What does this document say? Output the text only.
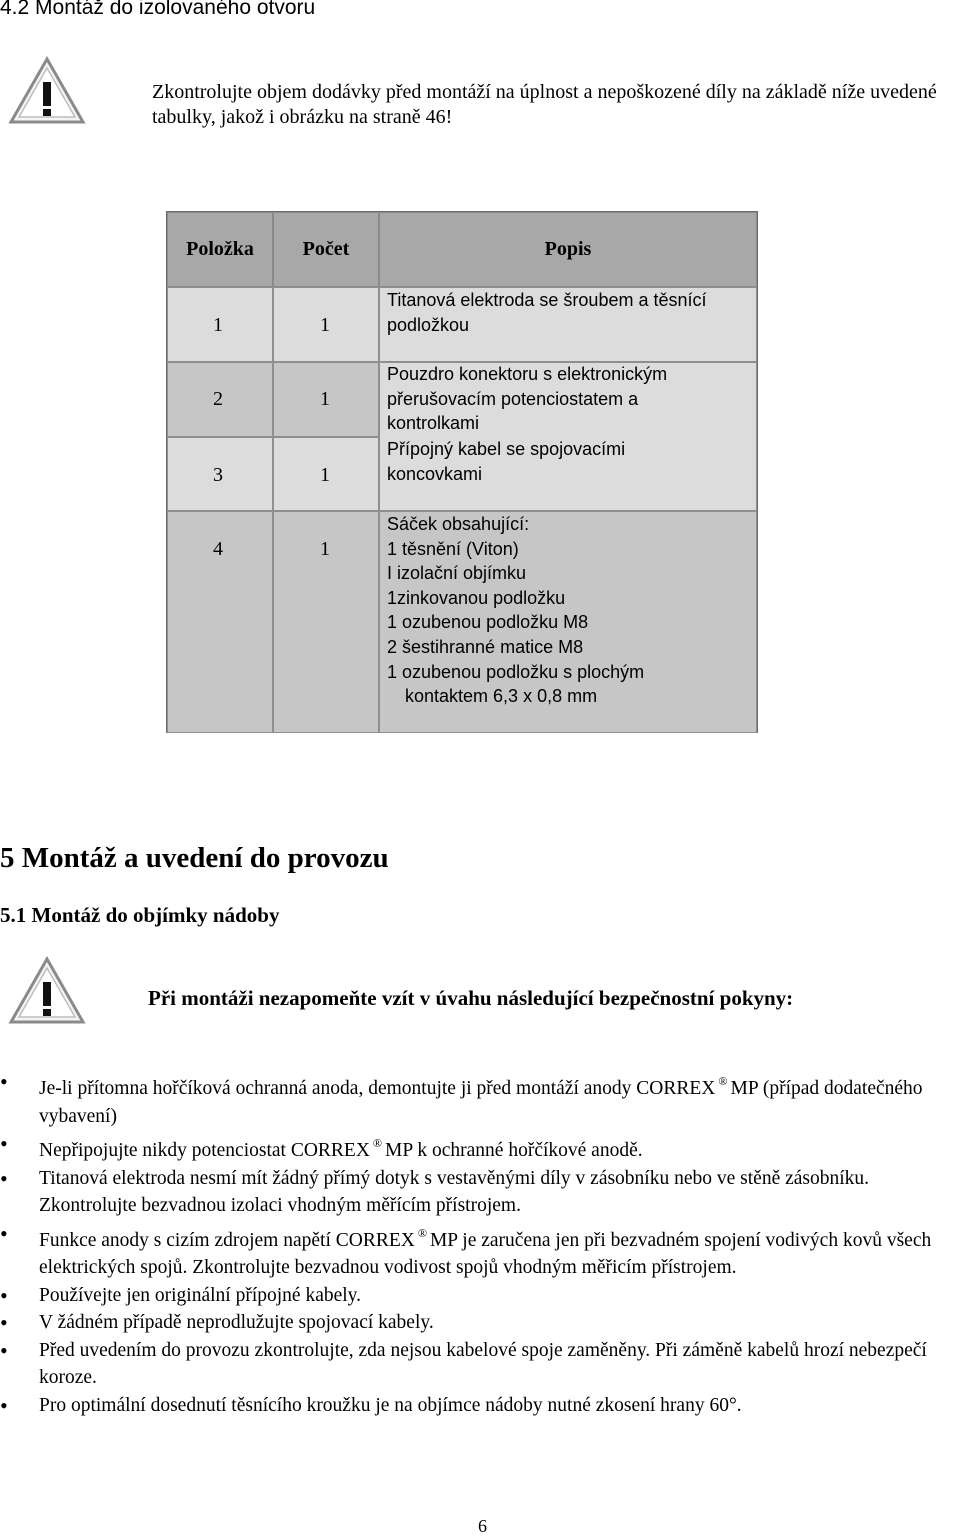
4.2 Montáž do izolovaného otvoru
Zkontrolujte objem dodávky před montáží na úplnost a nepoškozené díly na základě níže uvedené tabulky, jakož i obrázku na straně 46!
Položka	Počet	Popis
1	1
Titanová elektroda se šroubem a těsnící
podložkou
2	1
Pouzdro konektoru s elektronickým
přerušovacím potenciostatem a
kontrolkami
3	1
Přípojný kabel se spojovacími
koncovkami
4	1
Sáček obsahující:
1 těsnění (Viton)
I izolační objímku
1zinkovanou podložku
1 ozubenou podložku M8
2 šestihranné matice M8
1 ozubenou podložku s plochým
kontaktem 6,3 x 0,8 mm
5 Montáž a uvedení do provozu
5.1 Montáž do objímky nádoby
Při montáži nezapomeňte vzít v úvahu následující bezpečnostní pokyny:
• Je-li přítomna hořčíková ochranná anoda, demontujte ji před montáží anody CORREX ® MP (případ dodatečného vybavení)
• Nepřipojujte nikdy potenciostat CORREX ® MP k ochranné hořčíkové anodě.
• Titanová elektroda nesmí mít žádný přímý dotyk s vestavěnými díly v zásobníku nebo ve stěně zásobníku. Zkontrolujte bezvadnou izolaci vhodným měřícím přístrojem.
• Funkce anody s cizím zdrojem napětí CORREX ® MP je zaručena jen při bezvadném spojení vodivých kovů všech elektrických spojů. Zkontrolujte bezvadnou vodivost spojů vhodným měřicím přístrojem.
• Používejte jen originální přípojné kabely.
• V žádném případě neprodlužujte spojovací kabely.
• Před uvedením do provozu zkontrolujte, zda nejsou kabelové spoje zaměněny. Při záměně kabelů hrozí nebezpečí koroze.
• Pro optimální dosednutí těsnícího kroužku je na objímce nádoby nutné zkosení hrany 60°.
6
